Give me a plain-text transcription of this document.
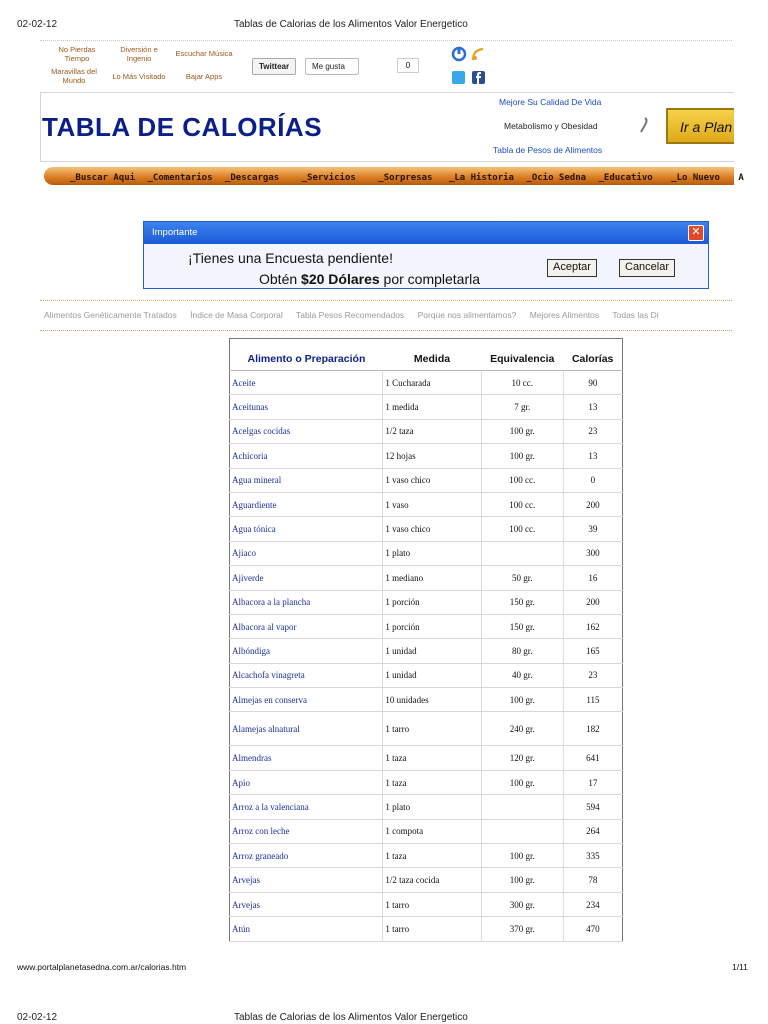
02-02-12	Tablas de Calorias de los Alimentos Valor Energetico
No Pierdas Tiempo
Diversión e Ingenio
Escuchar Música
Maravillas del Mundo	Lo Más Visitado	Bajar Apps
Twittear	Me gusta	0
TABLA DE CALORÍAS
Mejore Su Calidad De Vida
Metabolismo y Obesidad
Tabla de Pesos de Alimentos
Ir a Plan
_Buscar Aqui _Comentarios _Descargas _Servicios _Sorpresas _La Historia _Ocio Sedna _Educativo _Lo Nuevo A
Importante	✕
¡Tienes una Encuesta pendiente!
Obtén $20 Dólares por completarla
Aceptar	Cancelar
Alimentos Genéticamente Tratados Índice de Masa Corporal Tabla Pesos Recomendados Porque nos alimentamos? Mejores Alimentos Todas las Di
Alimento o Preparación	Medida	Equivalencia	Calorías
Aceite	1 Cucharada	10 cc.	90
Aceitunas	1 medida	7 gr.	13
Acelgas cocidas	1/2 taza	100 gr.	23
Achicoria	12 hojas	100 gr.	13
Agua mineral	1 vaso chico	100 cc.	0
Aguardiente	1 vaso	100 cc.	200
Agua tónica	1 vaso chico	100 cc.	39
Ajiaco	1 plato		300
Ajiverde	1 mediano	50 gr.	16
Albacora a la plancha	1 porción	150 gr.	200
Albacora al vapor	1 porción	150 gr.	162
Albóndiga	1 unidad	80 gr.	165
Alcachofa vinagreta	1 unidad	40 gr.	23
Almejas en conserva	10 unidades	100 gr.	115
Alamejas alnatural	1 tarro	240 gr.	182
Almendras	1 taza	120 gr.	641
Apio	1 taza	100 gr.	17
Arroz a la valenciana	1 plato		594
Arroz con leche	1 compota		264
Arroz graneado	1 taza	100 gr.	335
Arvejas	1/2 taza cocida	100 gr.	78
Arvejas	1 tarro	300 gr.	234
Atún	1 tarro	370 gr.	470
www.portalplanetasedna.com.ar/calorias.htm	1/11
02-02-12	Tablas de Calorias de los Alimentos Valor Energetico
